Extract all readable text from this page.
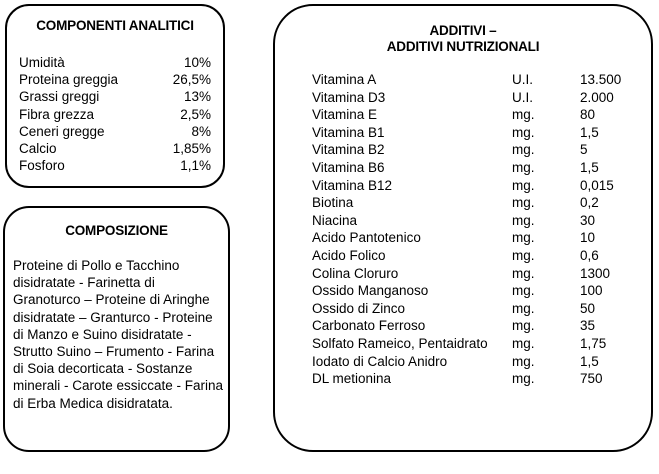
COMPONENTI ANALITICI
Umidità	10%
Proteina greggia	26,5%
Grassi greggi	13%
Fibra grezza	2,5%
Ceneri gregge	8%
Calcio	1,85%
Fosforo	1,1%
COMPOSIZIONE
Proteine di Pollo e Tacchino disidratate - Farinetta di Granoturco – Proteine di Aringhe disidratate – Granturco - Proteine di Manzo e Suino disidratate - Strutto Suino – Frumento - Farina di Soia decorticata - Sostanze minerali - Carote essiccate - Farina di Erba Medica disidratata.
ADDITIVI –
ADDITIVI NUTRIZIONALI
Vitamina A	U.I.	13.500
Vitamina D3	U.I.	2.000
Vitamina E	mg.	80
Vitamina B1	mg.	1,5
Vitamina B2	mg.	5
Vitamina B6	mg.	1,5
Vitamina B12	mg.	0,015
Biotina	mg.	0,2
Niacina	mg.	30
Acido Pantotenico	mg.	10
Acido Folico	mg.	0,6
Colina Cloruro	mg.	1300
Ossido Manganoso	mg.	100
Ossido di Zinco	mg.	50
Carbonato Ferroso	mg.	35
Solfato Rameico, Pentaidrato mg.	1,75
Iodato di Calcio Anidro	mg.	1,5
DL metionina	mg.	750
